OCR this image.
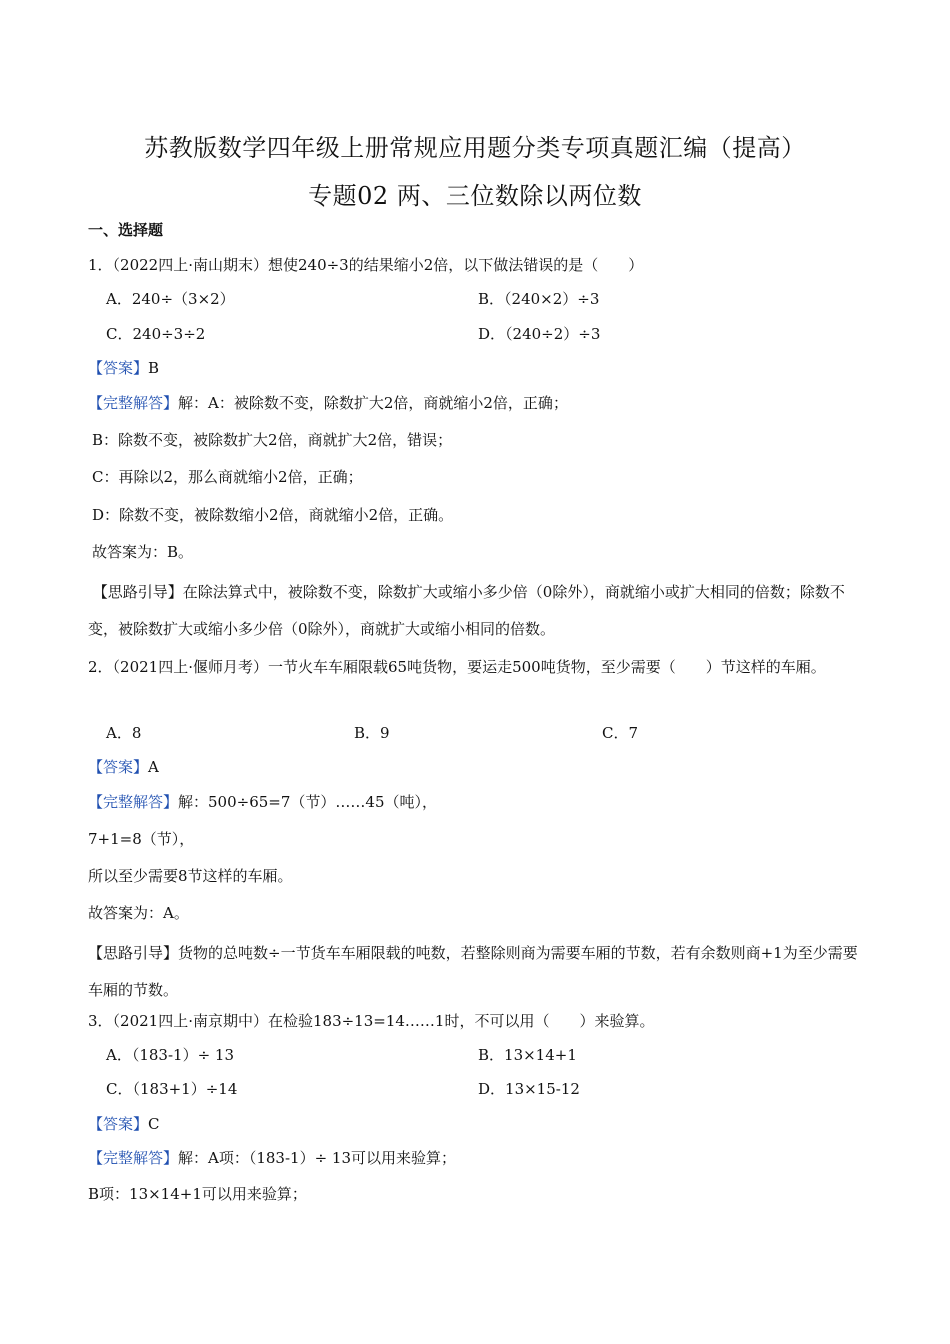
苏教版数学四年级上册常规应用题分类专项真题汇编（提高）
专题02 两、三位数除以两位数
一、选择题
1．（2022四上·南山期末）想使240÷3的结果缩小2倍，以下做法错误的是（　　）
A．240÷（3×2）	B．（240×2）÷3
C．240÷3÷2	D．（240÷2）÷3
【答案】B
【完整解答】解：A：被除数不变，除数扩大2倍，商就缩小2倍，正确；
B：除数不变，被除数扩大2倍，商就扩大2倍，错误；
C：再除以2，那么商就缩小2倍，正确；
D：除数不变，被除数缩小2倍，商就缩小2倍，正确。
故答案为：B。
【思路引导】在除法算式中，被除数不变，除数扩大或缩小多少倍（0除外），商就缩小或扩大相同的倍数；除数不变，被除数扩大或缩小多少倍（0除外），商就扩大或缩小相同的倍数。
2．（2021四上·偃师月考）一节火车车厢限载65吨货物，要运走500吨货物，至少需要（　　）节这样的车厢。
A．8	B．9	C．7
【答案】A
【完整解答】解：500÷65=7（节）……45（吨），
7+1=8（节），
所以至少需要8节这样的车厢。
故答案为：A。
【思路引导】货物的总吨数÷一节货车车厢限载的吨数，若整除则商为需要车厢的节数，若有余数则商+1为至少需要车厢的节数。
3．（2021四上·南京期中）在检验183÷13=14……1时，不可以用（　　）来验算。
A．（183-1）÷ 13	B．13×14+1
C．（183+1）÷14	D．13×15-12
【答案】C
【完整解答】解：A项：（183-1）÷ 13可以用来验算；
B项：13×14+1可以用来验算；
